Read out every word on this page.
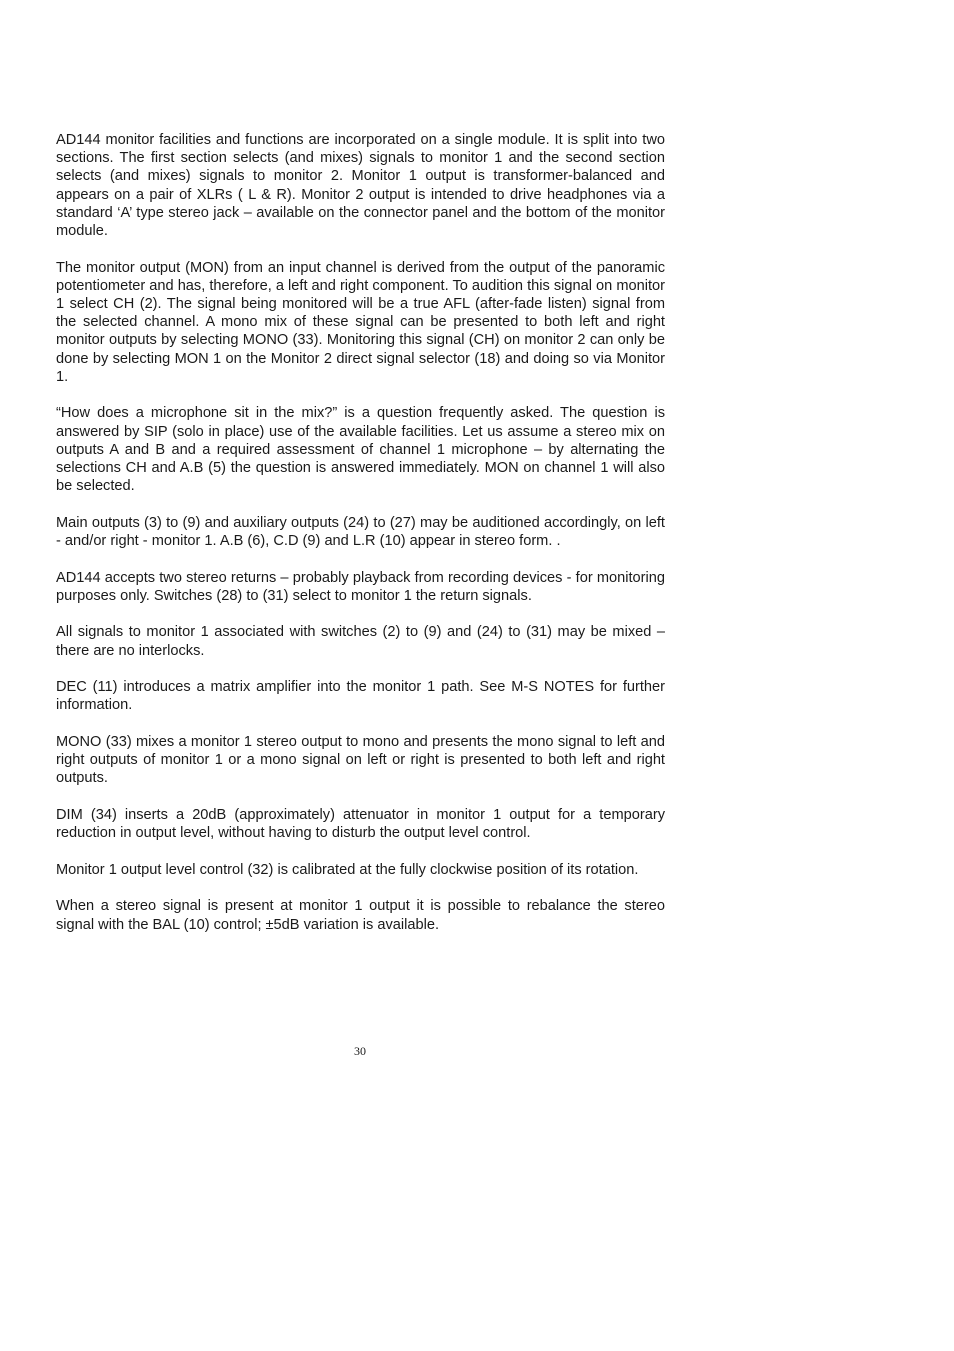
AD144 monitor facilities and functions are incorporated on a single module. It is split into two sections. The first section selects (and mixes) signals to monitor 1 and the second section selects (and mixes) signals to monitor 2. Monitor 1 output is transformer-balanced and appears on a pair of XLRs ( L & R). Monitor 2 output is intended to drive headphones via a standard ‘A’ type stereo jack – available on the connector panel and the bottom of the monitor module.

The monitor output (MON) from an input channel is derived from the output of the panoramic potentiometer and has, therefore, a left and right component. To audition this signal on monitor 1 select CH (2). The signal being monitored will be a true AFL (after-fade listen) signal from the selected channel. A mono mix of these signal can be presented to both left and right monitor outputs by selecting MONO (33). Monitoring this signal (CH) on monitor 2 can only be done by selecting MON 1 on the Monitor 2 direct signal selector (18) and doing so via Monitor 1.

“How does a microphone sit in the mix?” is a question frequently asked. The question is answered by SIP (solo in place) use of the available facilities. Let us assume a stereo mix on outputs A and B and a required assessment of channel 1 microphone – by alternating the selections CH and A.B (5) the question is answered immediately. MON on channel 1 will also be selected.

Main outputs (3) to (9) and auxiliary outputs (24) to (27) may be auditioned accordingly, on left - and/or right - monitor 1. A.B (6), C.D (9) and L.R (10) appear in stereo form. .

AD144 accepts two stereo returns – probably playback from recording devices - for monitoring purposes only. Switches (28) to (31) select to monitor 1 the return signals.

All signals to monitor 1 associated with switches (2) to (9) and (24) to (31) may be mixed – there are no interlocks.

DEC (11) introduces a matrix amplifier into the monitor 1 path. See M-S NOTES for further information.

MONO (33) mixes a monitor 1 stereo output to mono and presents the mono signal to left and right outputs of monitor 1 or a mono signal on left or right is presented to both left and right outputs.

DIM (34) inserts a 20dB (approximately) attenuator in monitor 1 output for a temporary reduction in output level, without having to disturb the output level control.

Monitor 1 output level control (32) is calibrated at the fully clockwise position of its rotation.

When a stereo signal is present at monitor 1 output it is possible to rebalance the stereo signal with the BAL (10) control; ±5dB variation is available.

30
